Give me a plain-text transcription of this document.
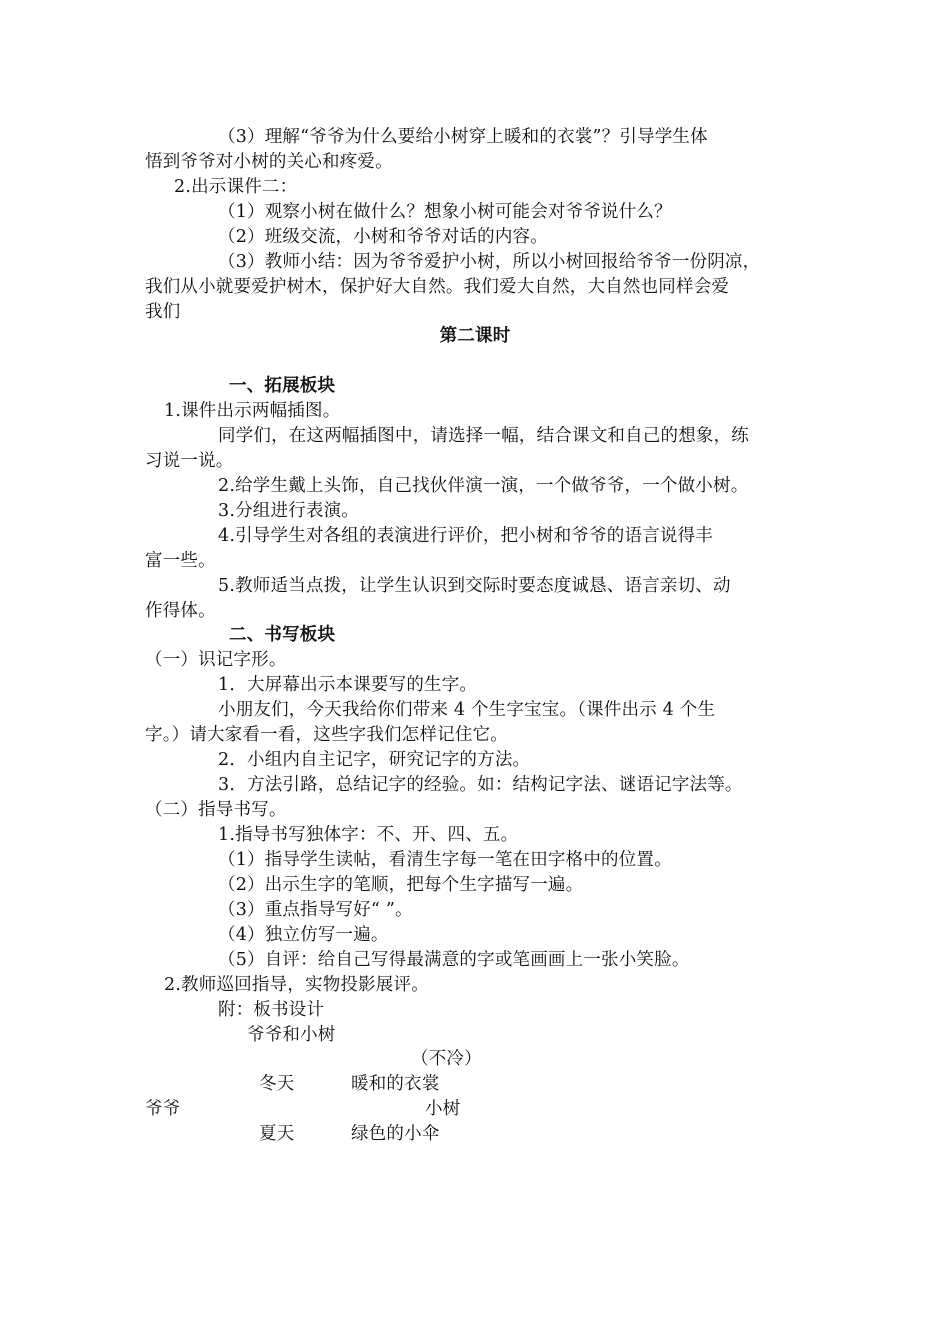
（3）理解“爷爷为什么要给小树穿上暖和的衣裳”？引导学生体
悟到爷爷对小树的关心和疼爱。
2.出示课件二：
（1）观察小树在做什么？想象小树可能会对爷爷说什么？
（2）班级交流，小树和爷爷对话的内容。
（3）教师小结：因为爷爷爱护小树，所以小树回报给爷爷一份阴凉，
我们从小就要爱护树木，保护好大自然。我们爱大自然，大自然也同样会爱
我们
第二课时
一、拓展板块
1.课件出示两幅插图。
同学们，在这两幅插图中，请选择一幅，结合课文和自己的想象，练
习说一说。
2.给学生戴上头饰，自己找伙伴演一演，一个做爷爷，一个做小树。
3.分组进行表演。
4.引导学生对各组的表演进行评价，把小树和爷爷的语言说得丰
富一些。
5.教师适当点拨，让学生认识到交际时要态度诚恳、语言亲切、动
作得体。
二、书写板块
（一）识记字形。
1．大屏幕出示本课要写的生字。
小朋友们，今天我给你们带来 4 个生字宝宝。（课件出示 4 个生
字。）请大家看一看，这些字我们怎样记住它。
2．小组内自主记字，研究记字的方法。
3．方法引路，总结记字的经验。如：结构记字法、谜语记字法等。
（二）指导书写。
1.指导书写独体字：不、开、四、五。
（1）指导学生读帖，看清生字每一笔在田字格中的位置。
（2）出示生字的笔顺，把每个生字描写一遍。
（3）重点指导写好“ ”。
（4）独立仿写一遍。
（5）自评：给自己写得最满意的字或笔画画上一张小笑脸。
2.教师巡回指导，实物投影展评。
附：板书设计
爷爷和小树
（不冷）
冬天	暖和的衣裳
爷爷	小树
夏天	绿色的小伞
